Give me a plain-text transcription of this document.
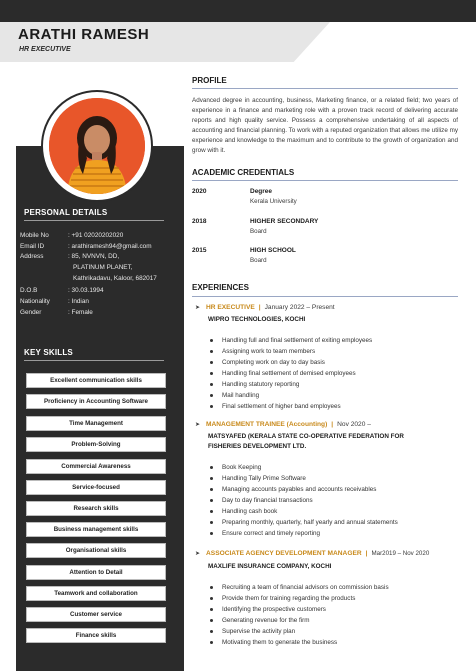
ARATHI RAMESH
HR EXECUTIVE
PERSONAL DETAILS
Mobile No	: +91 02020202020
Email ID	: arathiramesh94@gmail.com
Address	: 85, NVNVN, DD,
PLATINUM PLANET,
Kathrikadavu, Kaloor, 682017
D.O.B	: 30.03.1994
Nationality	: Indian
Gender	: Female
KEY SKILLS
Excellent communication skills
Proficiency in Accounting Software
Time Management
Problem-Solving
Commercial Awareness
Service-focused
Research skills
Business management skills
Organisational skills
Attention to Detail
Teamwork and collaboration
Customer service
Finance skills
PROFILE
Advanced degree in accounting, business, Marketing finance, or a related field; two years of experience in a finance and marketing role with a proven track record of delivering accurate reports and high quality service. Possess a comprehensive undertaking of all aspects of accounting and financial planning. To work with a reputed organization that allows me utilize my experience and knowledge to the maximum and to contribute to the growth of organization and grow with it.
ACADEMIC CREDENTIALS
2020	Degree
Kerala University
2018	HIGHER SECONDARY
Board
2015	HIGH SCHOOL
Board
EXPERIENCES
➤ HR EXECUTIVE | January 2022 – Present
WIPRO TECHNOLOGIES, KOCHI
Handling full and final settlement of exiting employees
Assigning work to team members
Completing work on day to day basis
Handling final settlement of demised employees
Handling statutory reporting
Mail handling
Final settlement of higher band employees
➤ MANAGEMENT TRAINEE (Accounting) | Nov 2020 –
MATSYAFED (KERALA STATE CO-OPERATIVE FEDERATION FOR FISHERIES DEVELOPMENT LTD.
Book Keeping
Handling Tally Prime Software
Managing accounts payables and accounts receivables
Day to day financial transactions
Handling cash book
Preparing monthly, quarterly, half yearly and annual statements
Ensure correct and timely reporting
➤ ASSOCIATE AGENCY DEVELOPMENT MANAGER | Mar2019 – Nov 2020
MAXLIFE INSURANCE COMPANY, KOCHI
Recruiting a team of financial advisors on commission basis
Provide them for training regarding the products
Identifying the prospective customers
Generating revenue for the firm
Supervise the activity plan
Motivating them to generate the business
